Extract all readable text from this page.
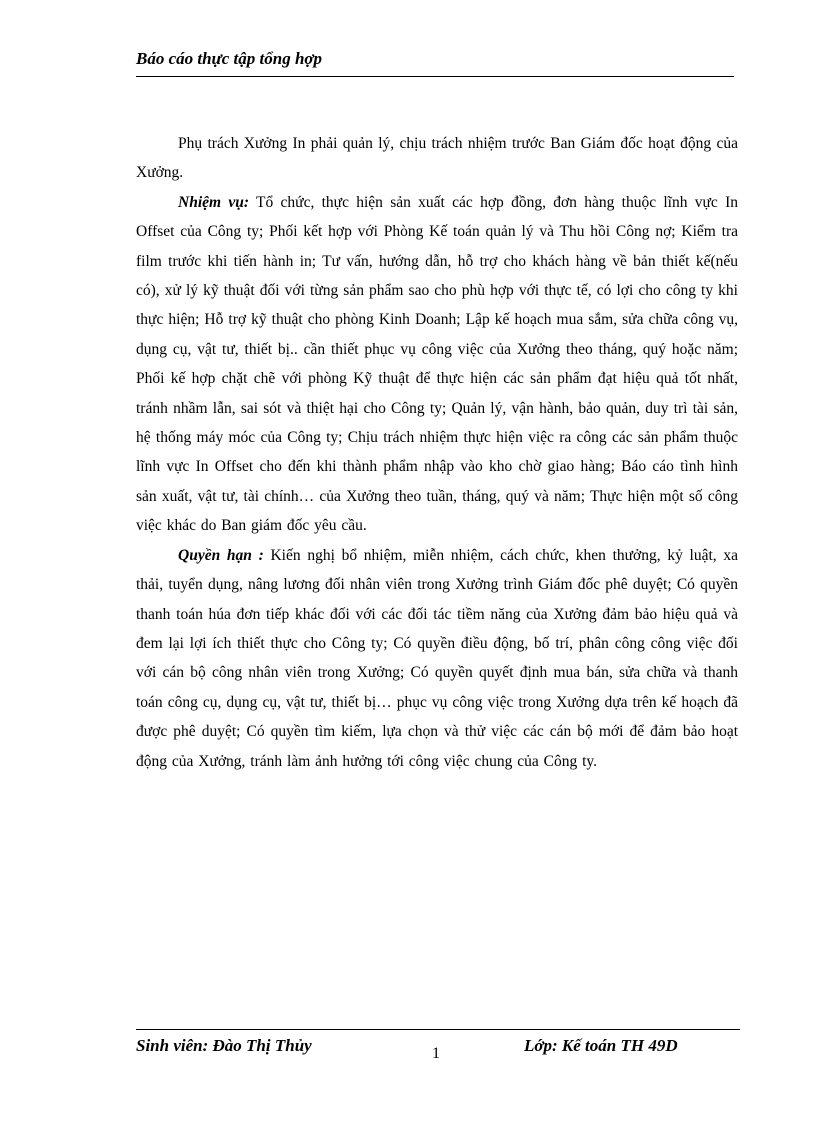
Báo cáo thực tập tổng hợp

Phụ trách Xưởng In phải quản lý, chịu trách nhiệm trước Ban Giám đốc hoạt động của Xưởng.

Nhiệm vụ: Tổ chức, thực hiện sản xuất các hợp đồng, đơn hàng thuộc lĩnh vực In Offset của Công ty; Phối kết hợp với Phòng Kế toán quản lý và Thu hồi Công nợ; Kiểm tra film trước khi tiến hành in; Tư vấn, hướng dẫn, hỗ trợ cho khách hàng về bản thiết kế(nếu có), xử lý kỹ thuật đối với từng sản phẩm sao cho phù hợp với thực tế, có lợi cho công ty khi thực hiện; Hỗ trợ kỹ thuật cho phòng Kinh Doanh; Lập kế hoạch mua sắm, sửa chữa công vụ, dụng cụ, vật tư, thiết bị.. cần thiết phục vụ công việc của Xưởng theo tháng, quý hoặc năm; Phối kế hợp chặt chẽ với phòng Kỹ thuật để thực hiện các sản phẩm đạt hiệu quả tốt nhất, tránh nhầm lẫn, sai sót và thiệt hại cho Công ty; Quản lý, vận hành, bảo quản, duy trì tài sản, hệ thống máy móc của Công ty; Chịu trách nhiệm thực hiện việc ra công các sản phẩm thuộc lĩnh vực In Offset cho đến khi thành phẩm nhập vào kho chờ giao hàng; Báo cáo tình hình sản xuất, vật tư, tài chính… của Xưởng theo tuần, tháng, quý và năm; Thực hiện một số công việc khác do Ban giám đốc yêu cầu.

Quyền hạn : Kiến nghị bổ nhiệm, miễn nhiệm, cách chức, khen thưởng, kỷ luật, xa thải, tuyển dụng, nâng lương đối nhân viên trong Xưởng trình Giám đốc phê duyệt; Có quyền thanh toán húa đơn tiếp khác đối với các đối tác tiềm năng của Xưởng đảm bảo hiệu quả và đem lại lợi ích thiết thực cho Công ty; Có quyền điều động, bố trí, phân công công việc đối với cán bộ công nhân viên trong Xưởng; Có quyền quyết định mua bán, sửa chữa và thanh toán công cụ, dụng cụ, vật tư, thiết bị… phục vụ công việc trong Xưởng dựa trên kế hoạch đã được phê duyệt; Có quyền tìm kiếm, lựa chọn và thử việc các cán bộ mới để đảm bảo hoạt động của Xưởng, tránh làm ảnh hưởng tới công việc chung của Công ty.

Sinh viên: Đào Thị Thủy	1	Lớp: Kế toán TH 49D
